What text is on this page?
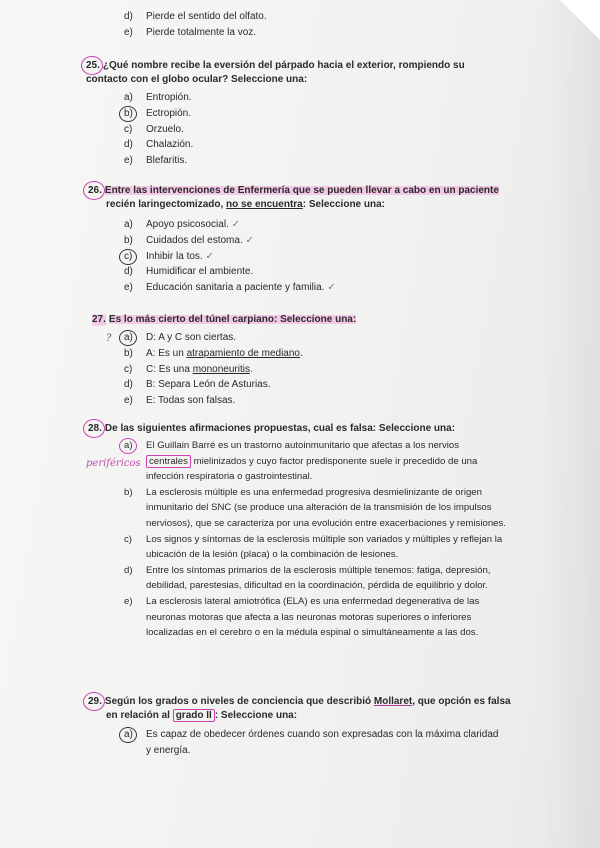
d)	Pierde el sentido del olfato.
e)	Pierde totalmente la voz.
25. ¿Qué nombre recibe la eversión del párpado hacia el exterior, rompiendo su
contacto con el globo ocular? Seleccione una:
a)	Entropión.
b)	Ectropión.
c)	Orzuelo.
d)	Chalazión.
e)	Blefaritis.
26. Entre las intervenciones de Enfermería que se pueden llevar a cabo en un paciente
recién laringectomizado, no se encuentra: Seleccione una:
a)	Apoyo psicosocial. ✓
b)	Cuidados del estoma. ✓
c)	Inhibir la tos. ✓
d)	Humidificar el ambiente.
e)	Educación sanitaria a paciente y familia. ✓
27. Es lo más cierto del túnel carpiano: Seleccione una:
? a)	D: A y C son ciertas.
b)	A: Es un atrapamiento de mediano.
c)	C: Es una mononeuritis.
d)	B: Separa León de Asturias.
e)	E: Todas son falsas.
28. De las siguientes afirmaciones propuestas, cual es falsa: Seleccione una:
periféricos
a)	El Guillain Barré es un trastorno autoinmunitario que afectas a los nervios
centrales mielinizados y cuyo factor predisponente suele ir precedido de una
infección respiratoria o gastrointestinal.
b)	La esclerosis múltiple es una enfermedad progresiva desmielinizante de origen inmunitario del SNC (se produce una alteración de la transmisión de los impulsos nerviosos), que se caracteriza por una evolución entre exacerbaciones y remisiones.
c)	Los signos y síntomas de la esclerosis múltiple son variados y múltiples y reflejan la ubicación de la lesión (placa) o la combinación de lesiones.
d)	Entre los síntomas primarios de la esclerosis múltiple tenemos: fatiga, depresión, debilidad, parestesias, dificultad en la coordinación, pérdida de equilibrio y dolor.
e)	La esclerosis lateral amiotrófica (ELA) es una enfermedad degenerativa de las neuronas motoras que afecta a las neuronas motoras superiores o inferiores localizadas en el cerebro o en la médula espinal o simultáneamente a las dos.
29. Según los grados o niveles de conciencia que describió Mollaret, que opción es falsa
en relación al grado II : Seleccione una:
a)	Es capaz de obedecer órdenes cuando son expresadas con la máxima claridad y energía.
